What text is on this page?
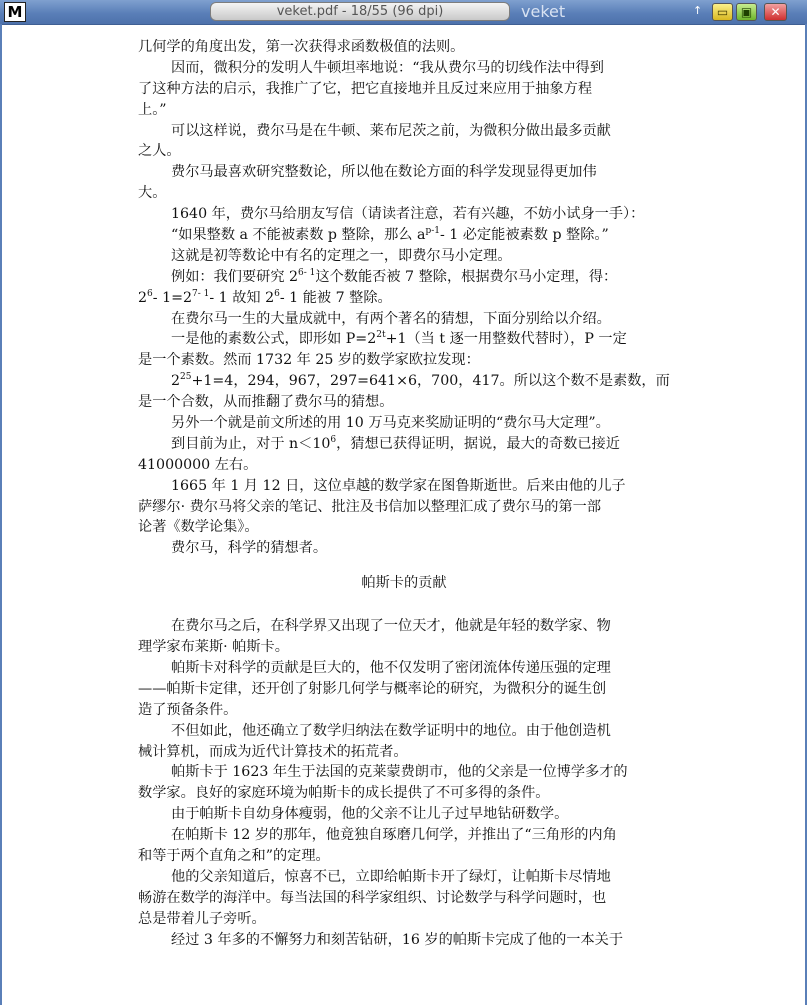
M	veket.pdf - 18/55 (96 dpi)	veket	↑	▭	▣	✕
几何学的角度出发，第一次获得求函数极值的法则。
因而，微积分的发明人牛顿坦率地说：“我从费尔马的切线作法中得到
了这种方法的启示，我推广了它，把它直接地并且反过来应用于抽象方程
上。”
可以这样说，费尔马是在牛顿、莱布尼茨之前，为微积分做出最多贡献
之人。
费尔马最喜欢研究整数论，所以他在数论方面的科学发现显得更加伟
大。
1640 年，费尔马给朋友写信（请读者注意，若有兴趣，不妨小试身一手）：
“如果整数 a 不能被素数 p 整除，那么 $a^{p-1}-$ 1 必定能被素数 p 整除。”
这就是初等数论中有名的定理之一，即费尔马小定理。
例如：我们要研究 2$^{6- 1}$这个数能否被 7 整除，根据费尔马小定理，得：
$2^6-$ $1=2^{7- 1}-$ 1 故知 $2^6-$ 1 能被 7 整除。
在费尔马一生的大量成就中，有两个著名的猜想，下面分别给以介绍。
一是他的素数公式，即形如 $P=2^{2t}+1$（当 t 逐一用整数代替时），P 一定
是一个素数。然而 1732 年 25 岁的数学家欧拉发现：
$2^{25}+1=4$，294，967，297=641×6，700，417。所以这个数不是素数，而
是一个合数，从而推翻了费尔马的猜想。
另外一个就是前文所述的用 10 万马克来奖励证明的“费尔马大定理”。
到目前为止，对于 $n<10^6$，猜想已获得证明，据说，最大的奇数已接近
41000000 左右。
1665 年 1 月 12 日，这位卓越的数学家在图鲁斯逝世。后来由他的儿子
萨缪尔· 费尔马将父亲的笔记、批注及书信加以整理汇成了费尔马的第一部
论著《数学论集》。
费尔马，科学的猜想者。
帕斯卡的贡献
在费尔马之后，在科学界又出现了一位天才，他就是年轻的数学家、物
理学家布莱斯· 帕斯卡。
帕斯卡对科学的贡献是巨大的，他不仅发明了密闭流体传递压强的定理
——帕斯卡定律，还开创了射影几何学与概率论的研究，为微积分的诞生创
造了预备条件。
不但如此，他还确立了数学归纳法在数学证明中的地位。由于他创造机
械计算机，而成为近代计算技术的拓荒者。
帕斯卡于 1623 年生于法国的克莱蒙费朗市，他的父亲是一位博学多才的
数学家。良好的家庭环境为帕斯卡的成长提供了不可多得的条件。
由于帕斯卡自幼身体瘦弱，他的父亲不让儿子过早地钻研数学。
在帕斯卡 12 岁的那年，他竟独自琢磨几何学，并推出了“三角形的内角
和等于两个直角之和”的定理。
他的父亲知道后，惊喜不已，立即给帕斯卡开了绿灯，让帕斯卡尽情地
畅游在数学的海洋中。每当法国的科学家组织、讨论数学与科学问题时，也
总是带着儿子旁听。
经过 3 年多的不懈努力和刻苦钻研，16 岁的帕斯卡完成了他的一本关于
